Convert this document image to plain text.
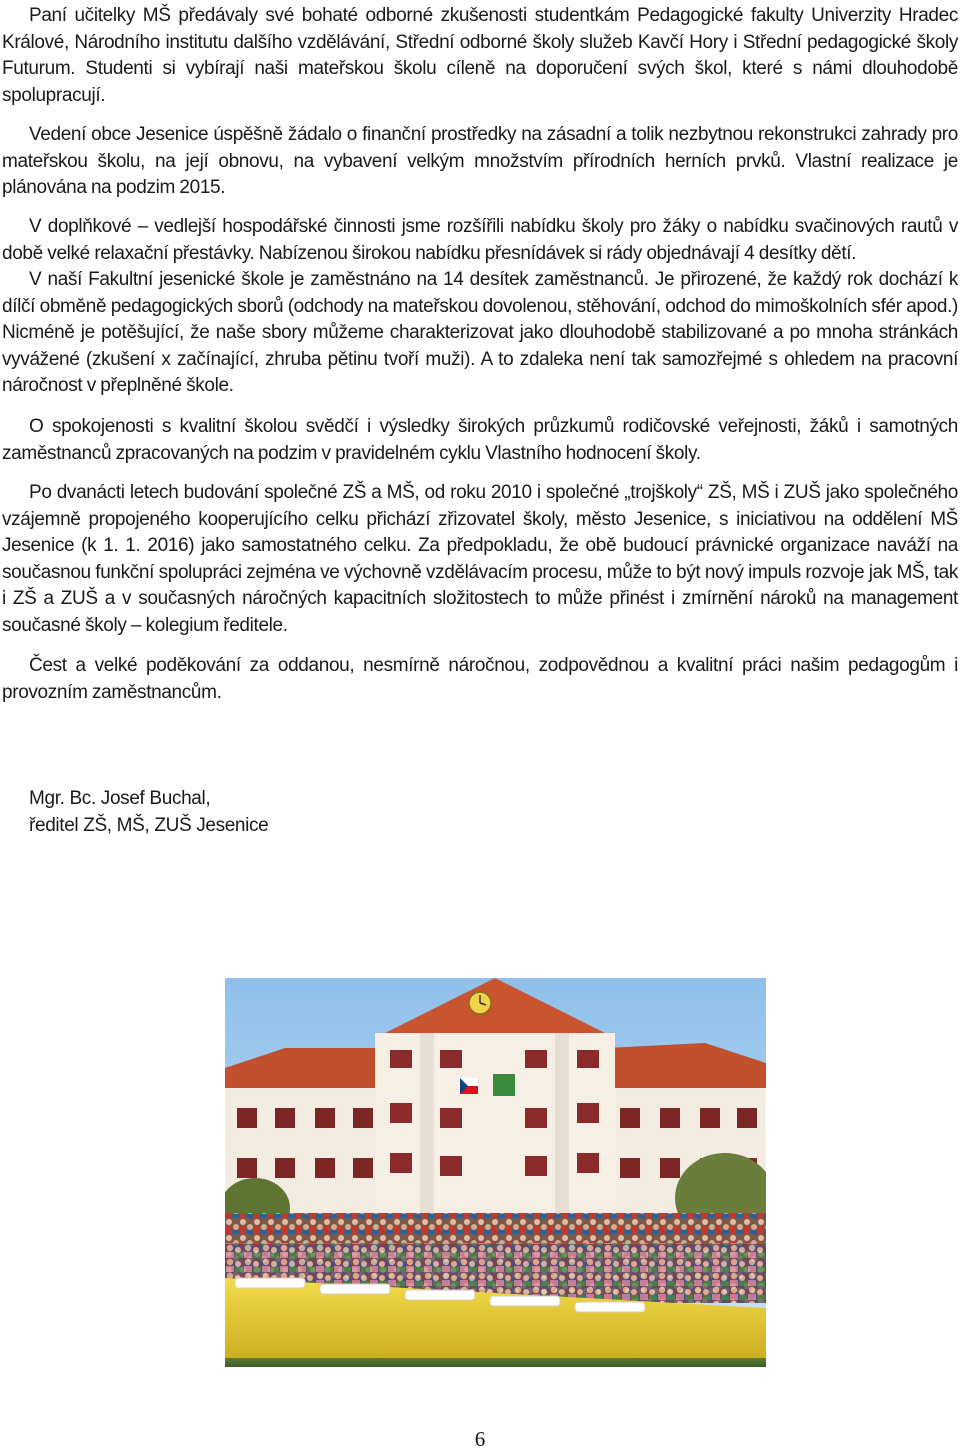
Paní učitelky MŠ předávaly své bohaté odborné zkušenosti studentkám Pedagogické fakulty Univerzity Hradec Králové, Národního institutu dalšího vzdělávání, Střední odborné školy služeb Kavčí Hory i Střední pedagogické školy Futurum. Studenti si vybírají naši mateřskou školu cíleně na doporučení svých škol, které s námi dlouhodobě spolupracují.

Vedení obce Jesenice úspěšně žádalo o finanční prostředky na zásadní a tolik nezbytnou rekonstrukci zahrady pro mateřskou školu, na její obnovu, na vybavení velkým množstvím přírodních herních prvků. Vlastní realizace je plánována na podzim 2015.

V doplňkové – vedlejší hospodářské činnosti jsme rozšířili nabídku školy pro žáky o nabídku svačinových rautů v době velké relaxační přestávky. Nabízenou širokou nabídku přesnídávek si rády objednávají 4 desítky dětí.

V naší Fakultní jesenické škole je zaměstnáno na 14 desítek zaměstnanců. Je přirozené, že každý rok dochází k dílčí obměně pedagogických sborů (odchody na mateřskou dovolenou, stěhování, odchod do mimoškolních sfér apod.) Nicméně je potěšující, že naše sbory můžeme charakterizovat jako dlouhodobě stabilizované a po mnoha stránkách vyvážené (zkušení x začínající, zhruba pětinu tvoří muži). A to zdaleka není tak samozřejmé s ohledem na pracovní náročnost v přeplněné škole.

O spokojenosti s kvalitní školou svědčí i výsledky širokých průzkumů rodičovské veřejnosti, žáků i samotných zaměstnanců zpracovaných na podzim v pravidelném cyklu Vlastního hodnocení školy.

Po dvanácti letech budování společné ZŠ a MŠ, od roku 2010 i společné „trojškoly“ ZŠ, MŠ i ZUŠ jako společného vzájemně propojeného kooperujícího celku přichází zřizovatel školy, město Jesenice, s iniciativou na oddělení MŠ Jesenice (k 1. 1. 2016) jako samostatného celku. Za předpokladu, že obě budoucí právnické organizace naváží na současnou funkční spolupráci zejména ve výchovně vzdělávacím procesu, může to být nový impuls rozvoje jak MŠ, tak i ZŠ a ZUŠ a v současných náročných kapacitních složitostech to může přinést i zmírnění nároků na management současné školy – kolegium ředitele.

Čest a velké poděkování za oddanou, nesmírně náročnou, zodpovědnou a kvalitní práci našim pedagogům i provozním zaměstnancům.

Mgr. Bc. Josef Buchal,
ředitel ZŠ, MŠ, ZUŠ Jesenice
6
